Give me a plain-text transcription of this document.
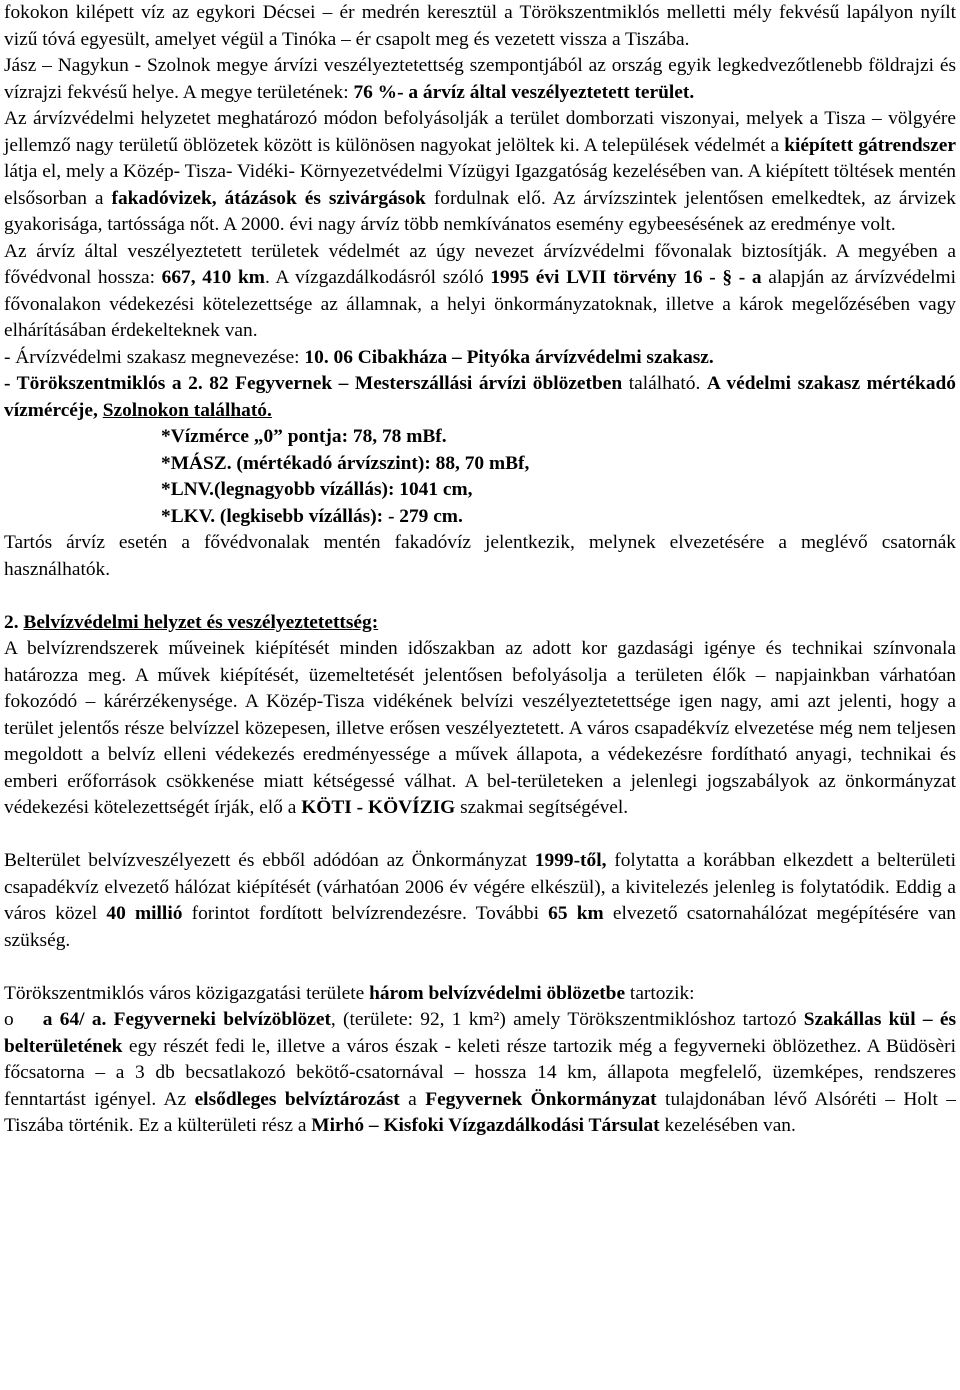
fokokon kilépett víz az egykori Décsei – ér medrén keresztül a Törökszentmiklós melletti mély fekvésű lapályon nyílt vizű tóvá egyesült, amelyet végül a Tinóka – ér csapolt meg és vezetett vissza a Tiszába.

Jász – Nagykun - Szolnok megye árvízi veszélyeztetettség szempontjából az ország egyik legkedvezőtlenebb földrajzi és vízrajzi fekvésű helye. A megye területének: 76 %- a árvíz által veszélyeztetett terület.

Az árvízvédelmi helyzetet meghatározó módon befolyásolják a terület domborzati viszonyai, melyek a Tisza – völgyére jellemző nagy területű öblözetek között is különösen nagyokat jelöltek ki. A települések védelmét a kiépített gátrendszer látja el, mely a Közép- Tisza- Vidéki- Környezetvédelmi Vízügyi Igazgatóság kezelésében van. A kiépített töltések mentén elsősorban a fakadóvizek, átázások és szivárgások fordulnak elő. Az árvízszintek jelentősen emelkedtek, az árvizek gyakorisága, tartóssága nőt. A 2000. évi nagy árvíz több nemkívánatos esemény egybeesésének az eredménye volt.

Az árvíz által veszélyeztetett területek védelmét az úgy nevezet árvízvédelmi fővonalak biztosítják. A megyében a fővédvonal hossza: 667, 410 km. A vízgazdálkodásról szóló 1995 évi LVII törvény 16 - § - a alapján az árvízvédelmi fővonalakon védekezési kötelezettsége az államnak, a helyi önkormányzatoknak, illetve a károk megelőzésében vagy elhárításában érdekelteknek van.

- Árvízvédelmi szakasz megnevezése: 10. 06 Cibakháza – Pityóka árvízvédelmi szakasz.

- Törökszentmiklós a 2. 82 Fegyvernek – Mesterszállási árvízi öblözetben található. A védelmi szakasz mértékadó vízmércéje, Szolnokon található.

*Vízmérce „0” pontja: 78, 78 mBf.

*MÁSZ. (mértékadó árvízszint): 88, 70 mBf,

*LNV.(legnagyobb vízállás): 1041 cm,

*LKV. (legkisebb vízállás): - 279 cm.

Tartós árvíz esetén a fővédvonalak mentén fakadóvíz jelentkezik, melynek elvezetésére a meglévő csatornák használhatók.

2. Belvízvédelmi helyzet és veszélyeztetettség:

A belvízrendszerek műveinek kiépítését minden időszakban az adott kor gazdasági igénye és technikai színvonala határozza meg. A művek kiépítését, üzemeltetését jelentősen befolyásolja a területen élők – napjainkban várhatóan fokozódó – kárérzékenysége. A Közép-Tisza vidékének belvízi veszélyeztetettsége igen nagy, ami azt jelenti, hogy a terület jelentős része belvízzel közepesen, illetve erősen veszélyeztetett. A város csapadékvíz elvezetése még nem teljesen megoldott a belvíz elleni védekezés eredményessége a művek állapota, a védekezésre fordítható anyagi, technikai és emberi erőforrások csökkenése miatt kétségessé válhat. A bel-területeken a jelenlegi jogszabályok az önkormányzat védekezési kötelezettségét írják, elő a KÖTI - KÖVÍZIG szakmai segítségével.

Belterület belvízveszélyezett és ebből adódóan az Önkormányzat 1999-től, folytatta a korábban elkezdett a belterületi csapadékvíz elvezető hálózat kiépítését (várhatóan 2006 év végére elkészül), a kivitelezés jelenleg is folytatódik. Eddig a város közel 40 millió forintot fordított belvízrendezésre. További 65 km elvezető csatornahálózat megépítésére van szükség.

Törökszentmiklós város közigazgatási területe három belvízvédelmi öblözetbe tartozik:

o    a 64/ a. Fegyverneki belvízöblözet, (területe: 92, 1 km²) amely Törökszentmiklóshoz tartozó Szakállas kül – és belterületének egy részét fedi le, illetve a város észak - keleti része tartozik még a fegyverneki öblözethez. A Büdösèri főcsatorna – a 3 db becsatlakozó bekötő-csatornával – hossza 14 km, állapota megfelelő, üzemképes, rendszeres fenntartást igényel. Az elsődleges belvíztározást a Fegyvernek Önkormányzat tulajdonában lévő Alsóréti – Holt – Tiszába történik. Ez a külterületi rész a Mirhó – Kisfoki Vízgazdálkodási Társulat kezelésében van.
